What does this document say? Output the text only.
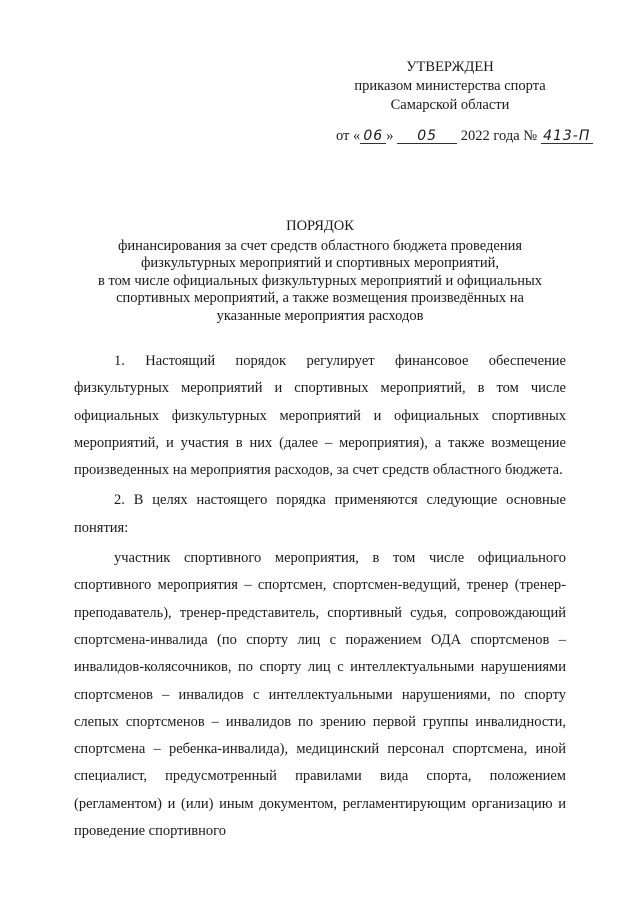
УТВЕРЖДЕН
приказом министерства спорта
Самарской области
от « 06 » 05 2022 года № 413-П
ПОРЯДОК
финансирования за счет средств областного бюджета проведения
физкультурных мероприятий и спортивных мероприятий,
в том числе официальных физкультурных мероприятий и официальных
спортивных мероприятий, а также возмещения произведённых на
указанные мероприятия расходов

1. Настоящий порядок регулирует финансовое обеспечение физкультурных мероприятий и спортивных мероприятий, в том числе официальных физкультурных мероприятий и официальных спортивных мероприятий, и участия в них (далее – мероприятия), а также возмещение произведенных на мероприятия расходов, за счет средств областного бюджета.

2. В целях настоящего порядка применяются следующие основные понятия:

участник спортивного мероприятия, в том числе официального спортивного мероприятия – спортсмен, спортсмен-ведущий, тренер (тренер-преподаватель), тренер-представитель, спортивный судья, сопровождающий спортсмена-инвалида (по спорту лиц с поражением ОДА спортсменов – инвалидов-колясочников, по спорту лиц с интеллектуальными нарушениями спортсменов – инвалидов с интеллектуальными нарушениями, по спорту слепых спортсменов – инвалидов по зрению первой группы инвалидности, спортсмена – ребенка-инвалида), медицинский персонал спортсмена, иной специалист, предусмотренный правилами вида спорта, положением (регламентом) и (или) иным документом, регламентирующим организацию и проведение спортивного
